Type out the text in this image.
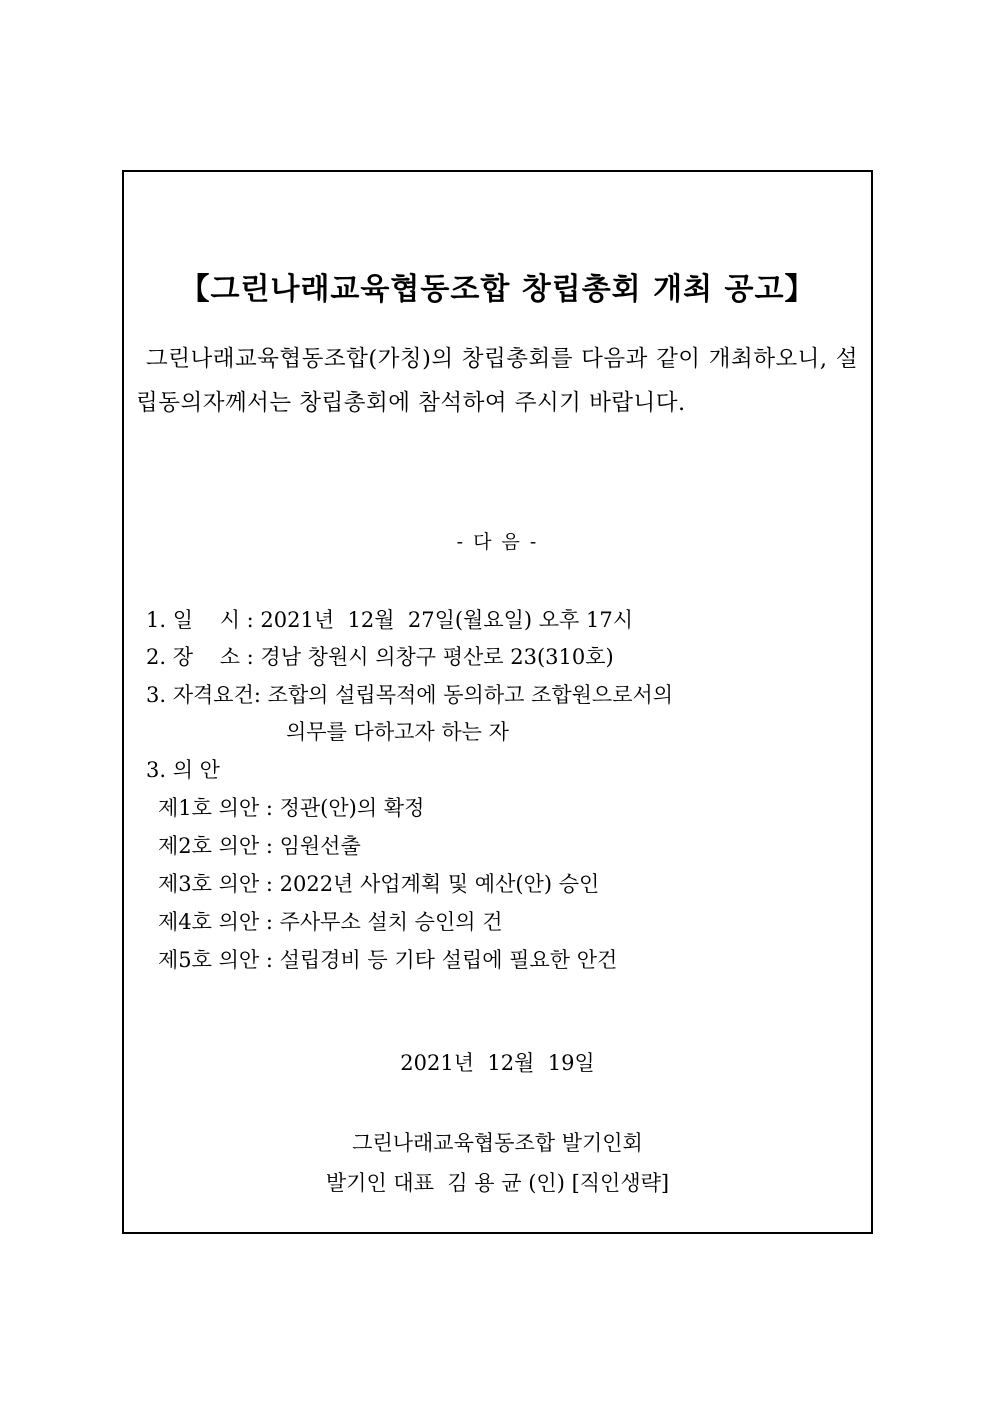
【그린나래교육협동조합 창립총회 개최 공고】
그린나래교육협동조합(가칭)의 창립총회를 다음과 같이 개최하오니, 설립동의자께서는 창립총회에 참석하여 주시기 바랍니다.
- 다 음 -
1. 일    시 : 2021년  12월  27일(월요일) 오후 17시
2. 장    소 : 경남 창원시 의창구 평산로 23(310호)
3. 자격요건: 조합의 설립목적에 동의하고 조합원으로서의
의무를 다하고자 하는 자
3. 의 안
제1호 의안 : 정관(안)의 확정
제2호 의안 : 임원선출
제3호 의안 : 2022년 사업계획 및 예산(안) 승인
제4호 의안 : 주사무소 설치 승인의 건
제5호 의안 : 설립경비 등 기타 설립에 필요한 안건
2021년  12월  19일
그린나래교육협동조합 발기인회
발기인 대표  김 용 균 (인) [직인생략]
